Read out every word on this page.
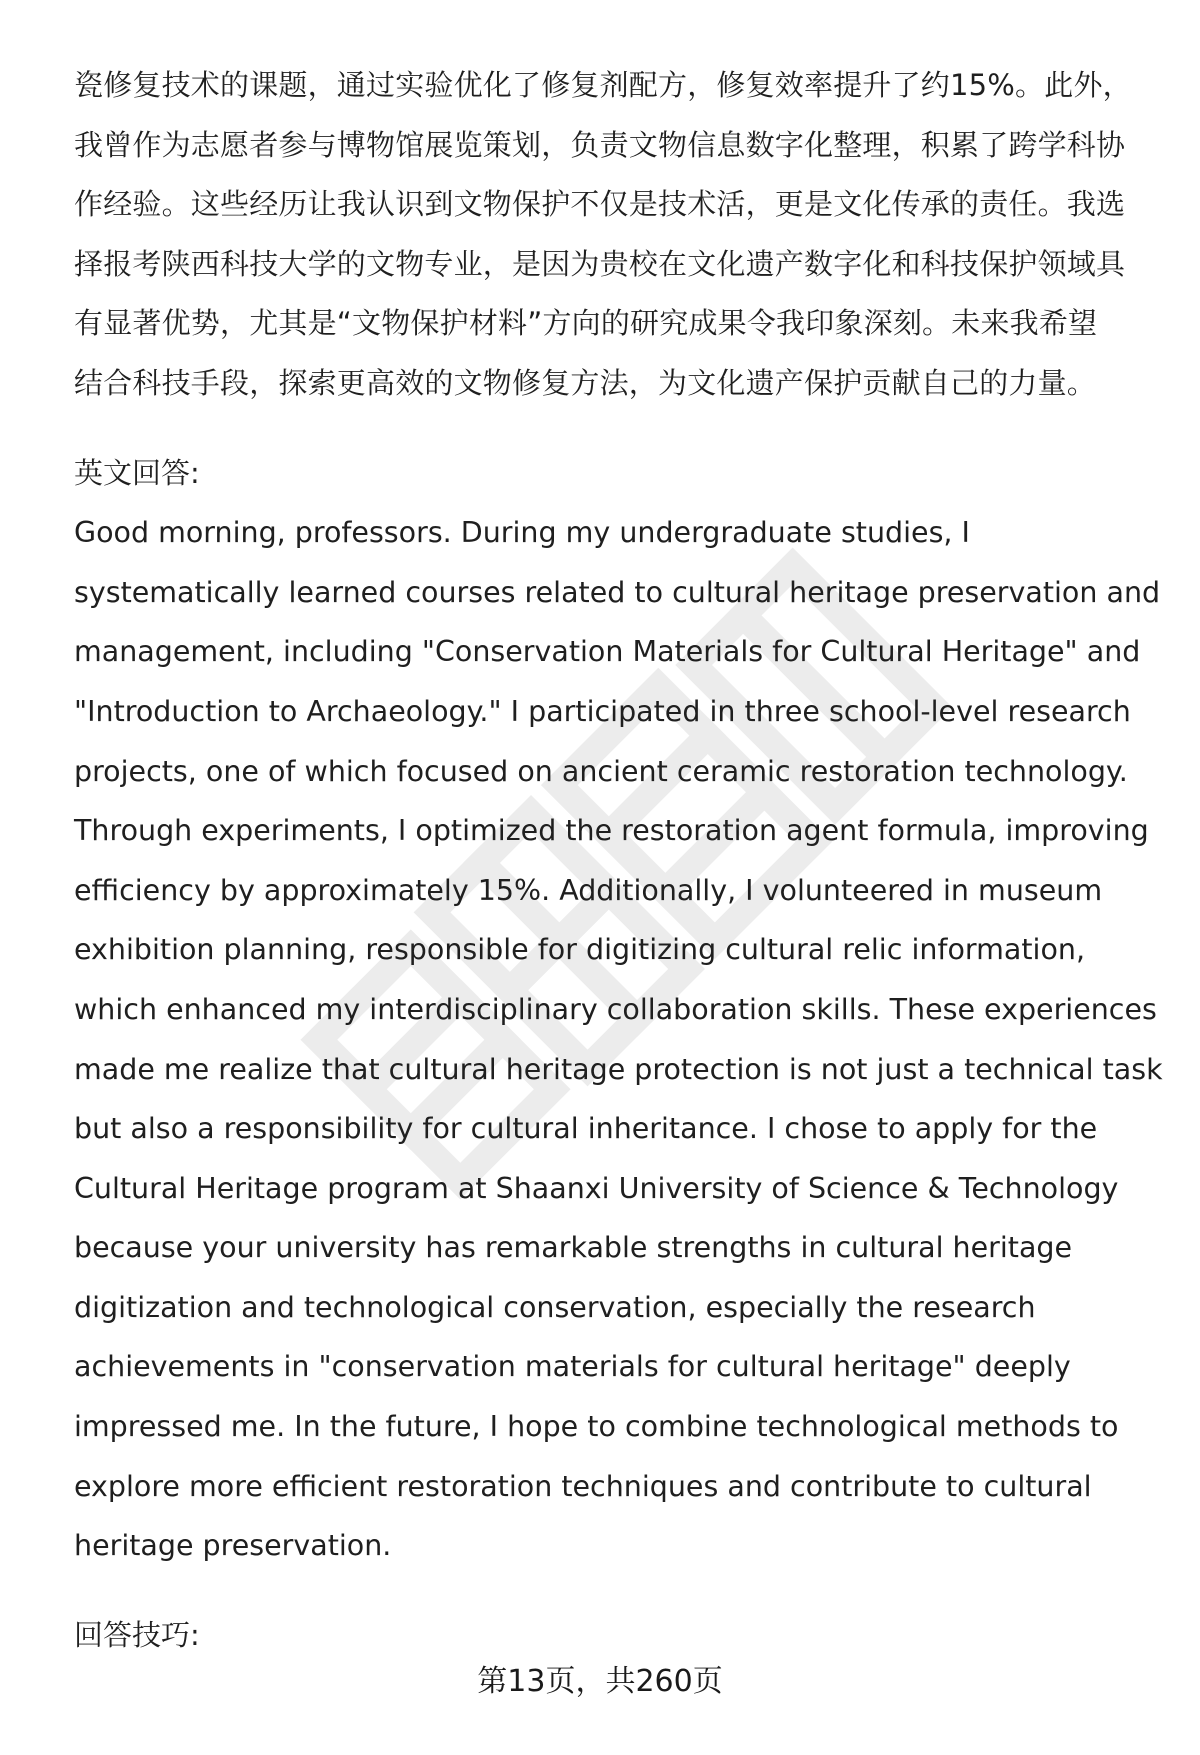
瓷修复技术的课题，通过实验优化了修复剂配方，修复效率提升了约15%。此外，
我曾作为志愿者参与博物馆展览策划，负责文物信息数字化整理，积累了跨学科协
作经验。这些经历让我认识到文物保护不仅是技术活，更是文化传承的责任。我选
择报考陕西科技大学的文物专业，是因为贵校在文化遗产数字化和科技保护领域具
有显著优势，尤其是“文物保护材料”方向的研究成果令我印象深刻。未来我希望
结合科技手段，探索更高效的文物修复方法，为文化遗产保护贡献自己的力量。
英文回答:
Good morning, professors. During my undergraduate studies, I
systematically learned courses related to cultural heritage preservation and
management, including "Conservation Materials for Cultural Heritage" and
"Introduction to Archaeology." I participated in three school-level research
projects, one of which focused on ancient ceramic restoration technology.
Through experiments, I optimized the restoration agent formula, improving
efficiency by approximately 15%. Additionally, I volunteered in museum
exhibition planning, responsible for digitizing cultural relic information,
which enhanced my interdisciplinary collaboration skills. These experiences
made me realize that cultural heritage protection is not just a technical task
but also a responsibility for cultural inheritance. I chose to apply for the
Cultural Heritage program at Shaanxi University of Science & Technology
because your university has remarkable strengths in cultural heritage
digitization and technological conservation, especially the research
achievements in "conservation materials for cultural heritage" deeply
impressed me. In the future, I hope to combine technological methods to
explore more efficient restoration techniques and contribute to cultural
heritage preservation.
回答技巧:
第13页，共260页
